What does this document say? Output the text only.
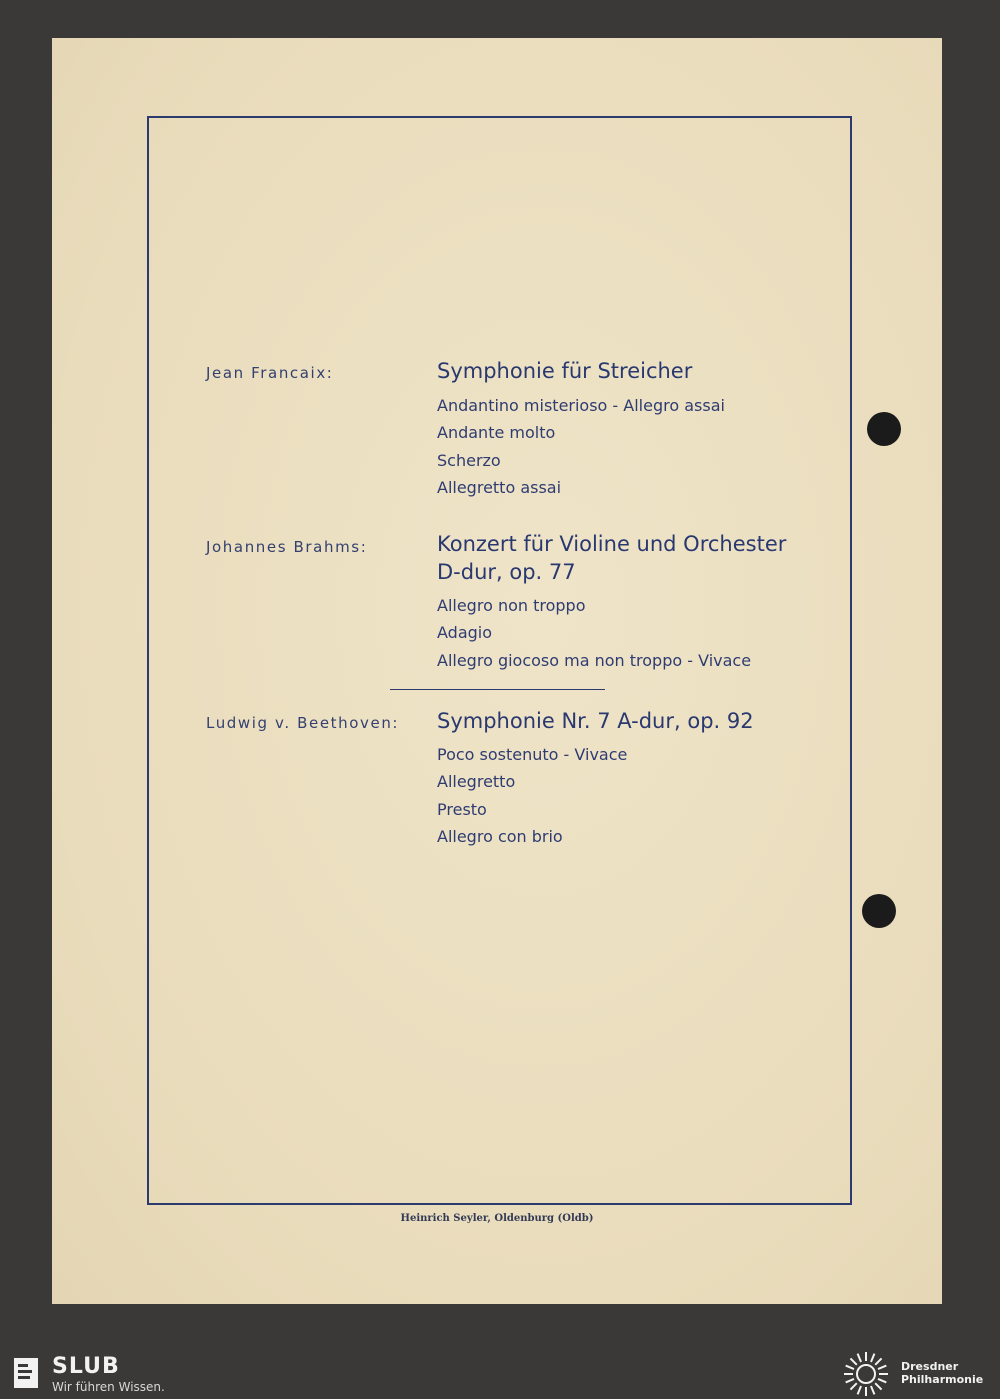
Jean Francaix:	Symphonie für Streicher
Andantino misterioso - Allegro assai
Andante molto
Scherzo
Allegretto assai
Johannes Brahms:	Konzert für Violine und Orchester
D-dur, op. 77
Allegro non troppo
Adagio
Allegro giocoso ma non troppo - Vivace
Ludwig v. Beethoven: Symphonie Nr. 7 A-dur, op. 92
Poco sostenuto - Vivace
Allegretto
Presto
Allegro con brio
Heinrich Seyler, Oldenburg (Oldb)
SLUB
Wir führen Wissen.
Dresdner
Philharmonie
